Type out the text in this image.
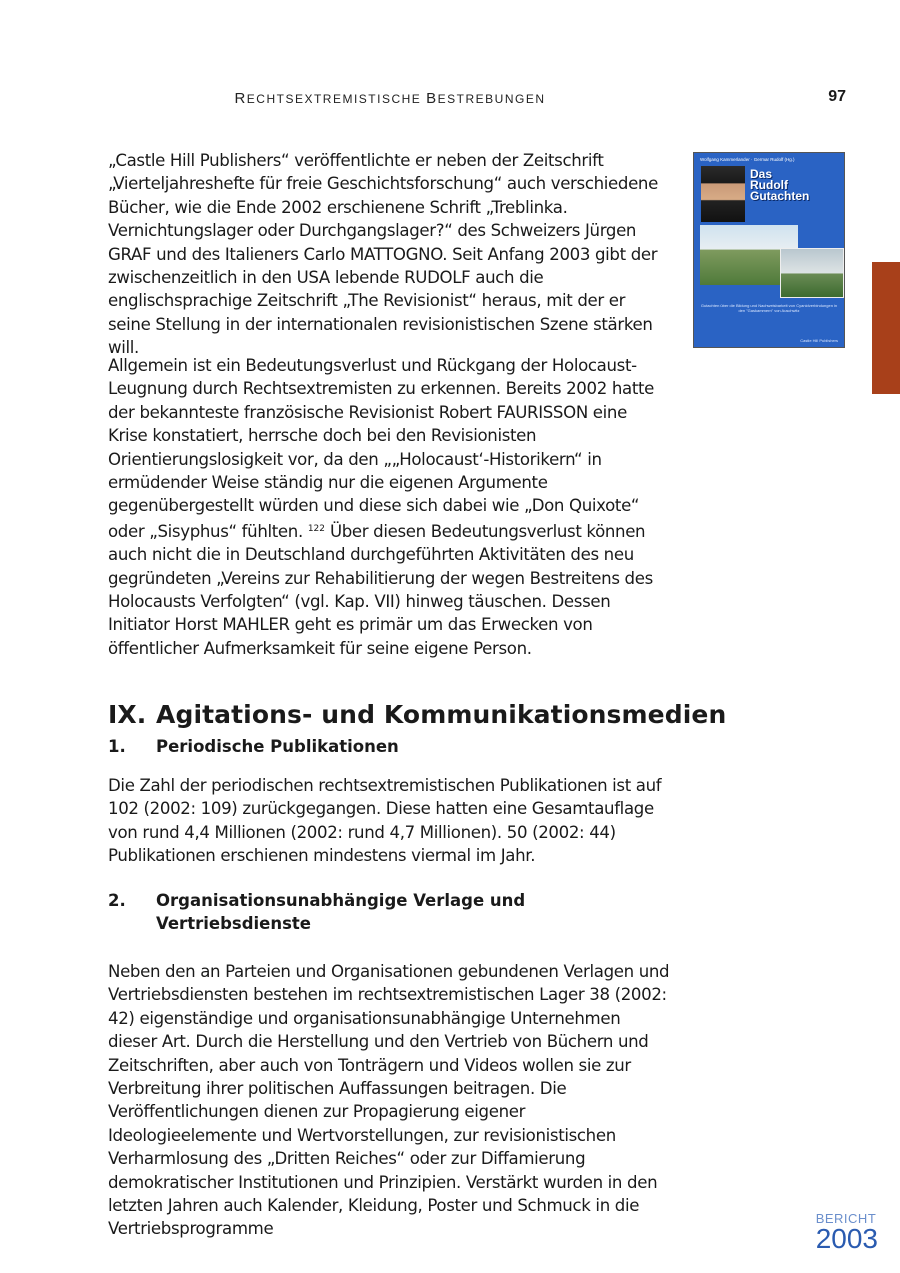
RECHTSEXTREMISTISCHE BESTREBUNGEN	97
Wolfgang Kammerlander · Germar Rudolf (Hg.)
Das
Rudolf
Gutachten
Gutachten über die Bildung und Nachweisbarkeit von Cyanidverbindungen in den "Gaskammern" von Auschwitz
Castle Hill Publishers

„Castle Hill Publishers“ veröffentlichte er neben der Zeitschrift „Vierteljahreshefte für freie Geschichtsforschung“ auch verschiedene Bücher, wie die Ende 2002 erschienene Schrift „Treblinka. Vernichtungslager oder Durchgangslager?“ des Schweizers Jürgen GRAF und des Italieners Carlo MATTOGNO. Seit Anfang 2003 gibt der zwischenzeitlich in den USA lebende RUDOLF auch die englischsprachige Zeitschrift „The Revisionist“ heraus, mit der er seine Stellung in der internationalen revisionistischen Szene stärken will.

Allgemein ist ein Bedeutungsverlust und Rückgang der Holocaust-Leugnung durch Rechtsextremisten zu erkennen. Bereits 2002 hatte der bekannteste französische Revisionist Robert FAURISSON eine Krise konstatiert, herrsche doch bei den Revisionisten Orientierungslosigkeit vor, da den „„Holocaust‘-Historikern“ in ermüdender Weise ständig nur die eigenen Argumente gegenübergestellt würden und diese sich dabei wie „Don Quixote“ oder „Sisyphus“ fühlten. $^{122}$ Über diesen Bedeutungsverlust können auch nicht die in Deutschland durchgeführten Aktivitäten des neu gegründeten „Vereins zur Rehabilitierung der wegen Bestreitens des Holocausts Verfolgten“ (vgl. Kap. VII) hinweg täuschen. Dessen Initiator Horst MAHLER geht es primär um das Erwecken von öffentlicher Aufmerksamkeit für seine eigene Person.

IX. Agitations- und Kommunikationsmedien
1.	Periodische Publikationen

Die Zahl der periodischen rechtsextremistischen Publikationen ist auf 102 (2002: 109) zurückgegangen. Diese hatten eine Gesamtauflage von rund 4,4 Millionen (2002: rund 4,7 Millionen). 50 (2002: 44) Publikationen erschienen mindestens viermal im Jahr.

2.	Organisationsunabhängige Verlage und Vertriebsdienste

Neben den an Parteien und Organisationen gebundenen Verlagen und Vertriebsdiensten bestehen im rechtsextremistischen Lager 38 (2002: 42) eigenständige und organisationsunabhängige Unternehmen dieser Art. Durch die Herstellung und den Vertrieb von Büchern und Zeitschriften, aber auch von Tonträgern und Videos wollen sie zur Verbreitung ihrer politischen Auffassungen beitragen. Die Veröffentlichungen dienen zur Propagierung eigener Ideologieelemente und Wertvorstellungen, zur revisionistischen Verharmlosung des „Dritten Reiches“ oder zur Diffamierung demokratischer Institutionen und Prinzipien. Verstärkt wurden in den letzten Jahren auch Kalender, Kleidung, Poster und Schmuck in die Vertriebsprogramme

BERICHT
2003
